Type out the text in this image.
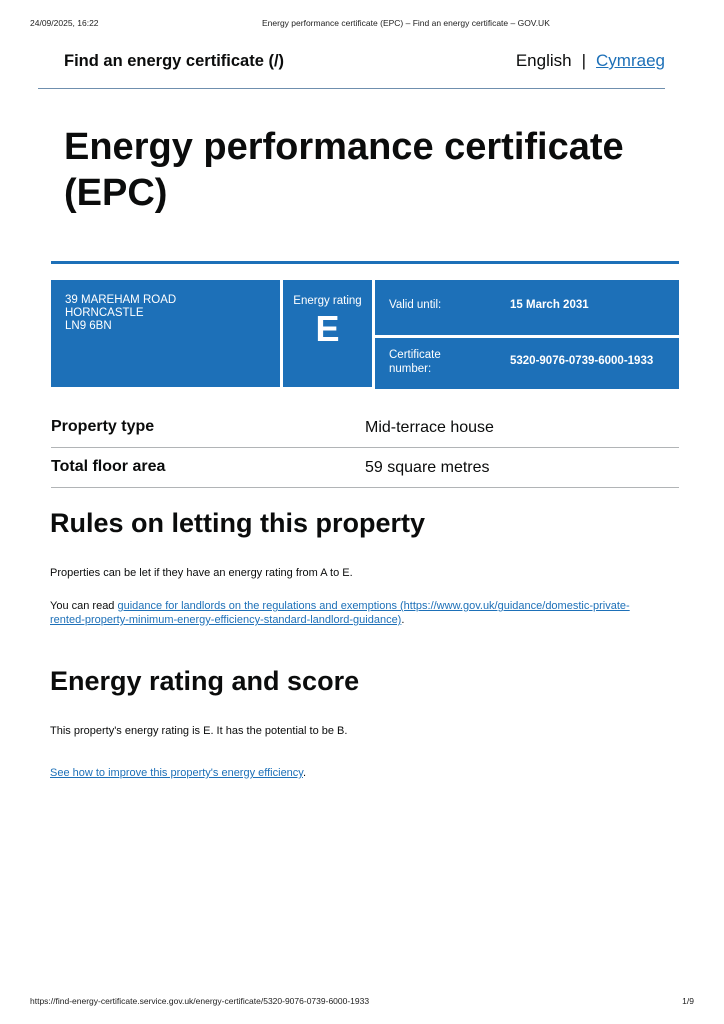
24/09/2025, 16:22	Energy performance certificate (EPC) – Find an energy certificate – GOV.UK
Find an energy certificate (/)	English | Cymraeg
Energy performance certificate (EPC)
39 MAREHAM ROAD
HORNCASTLE
LN9 6BN
Energy rating
E
Valid until:	15 March 2031
Certificate number:
5320-9076-0739-6000-1933
Property type	Mid-terrace house
Total floor area	59 square metres
Rules on letting this property

Properties can be let if they have an energy rating from A to E.

You can read guidance for landlords on the regulations and exemptions (https://www.gov.uk/guidance/domestic-private-rented-property-minimum-energy-efficiency-standard-landlord-guidance).

Energy rating and score

This property's energy rating is E. It has the potential to be B.

See how to improve this property's energy efficiency.

https://find-energy-certificate.service.gov.uk/energy-certificate/5320-9076-0739-6000-1933	1/9
